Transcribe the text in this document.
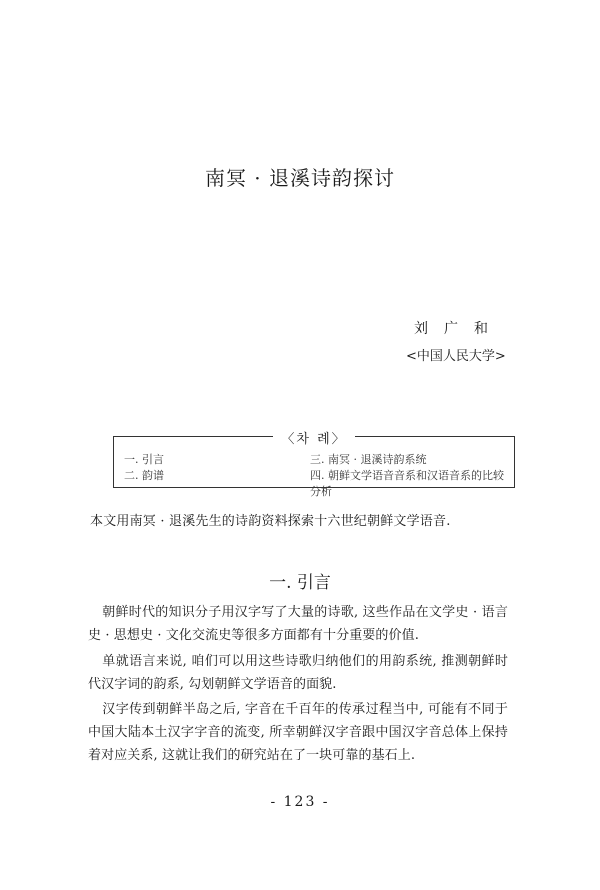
南冥 · 退溪诗韵探讨
刘广和
<中国人民大学>
〈차 례〉
一. 引言
二. 韵谱
三. 南冥 · 退溪诗韵系统
四. 朝鲜文学语音音系和汉语音系的比较分析
本文用南冥 · 退溪先生的诗韵资料探索十六世纪朝鲜文学语音.
一. 引言
朝鲜时代的知识分子用汉字写了大量的诗歌, 这些作品在文学史 · 语言史 · 思想史 · 文化交流史等很多方面都有十分重要的价值.
单就语言来说, 咱们可以用这些诗歌归纳他们的用韵系统, 推测朝鲜时代汉字词的韵系, 勾划朝鲜文学语音的面貌.
汉字传到朝鲜半岛之后, 字音在千百年的传承过程当中, 可能有不同于中国大陆本土汉字字音的流变, 所幸朝鲜汉字音跟中国汉字音总体上保持着对应关系, 这就让我们的研究站在了一块可靠的基石上.
- 123 -
